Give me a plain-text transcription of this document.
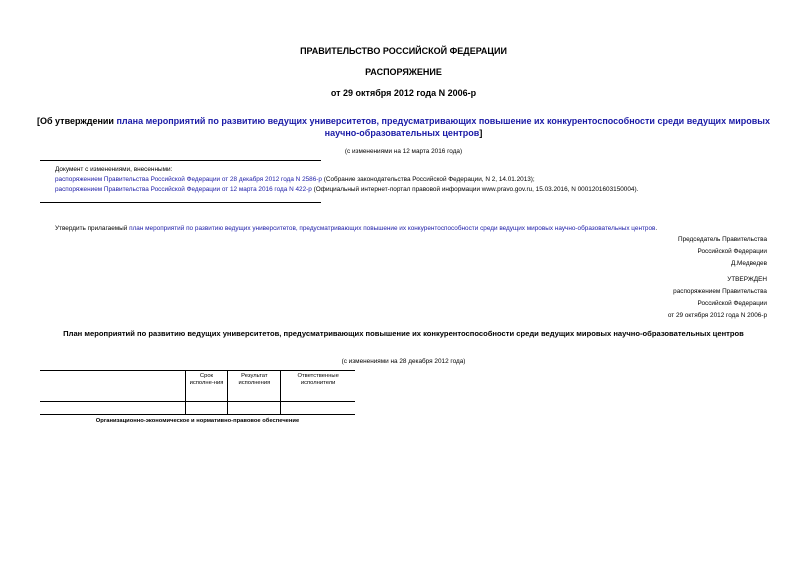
ПРАВИТЕЛЬСТВО РОССИЙСКОЙ ФЕДЕРАЦИИ
РАСПОРЯЖЕНИЕ
от 29 октября 2012 года N 2006-р
[Об утверждении плана мероприятий по развитию ведущих университетов, предусматривающих повышение их конкурентоспособности среди ведущих мировых научно-образовательных центров]
(с изменениями на 12 марта 2016 года)
Документ с изменениями, внесенными:
распоряжением Правительства Российской Федерации от 28 декабря 2012 года N 2586-р (Собрание законодательства Российской Федерации, N 2, 14.01.2013);
распоряжением Правительства Российской Федерации от 12 марта 2016 года N 422-р (Официальный интернет-портал правовой информации www.pravo.gov.ru, 15.03.2016, N 0001201603150004).
Утвердить прилагаемый план мероприятий по развитию ведущих университетов, предусматривающих повышение их конкурентоспособности среди ведущих мировых научно-образовательных центров.
Председатель Правительства
Российской Федерации
Д.Медведев
УТВЕРЖДЕН
распоряжением Правительства
Российской Федерации
от 29 октября 2012 года N 2006-р
План мероприятий по развитию ведущих университетов, предусматривающих повышение их конкурентоспособности среди ведущих мировых научно-образовательных центров
(с изменениями на 28 декабря 2012 года)
	Срок исполне-ния	Результат исполнения	Ответственные исполнители

Организационно-экономическое и нормативно-правовое обеспечение			
